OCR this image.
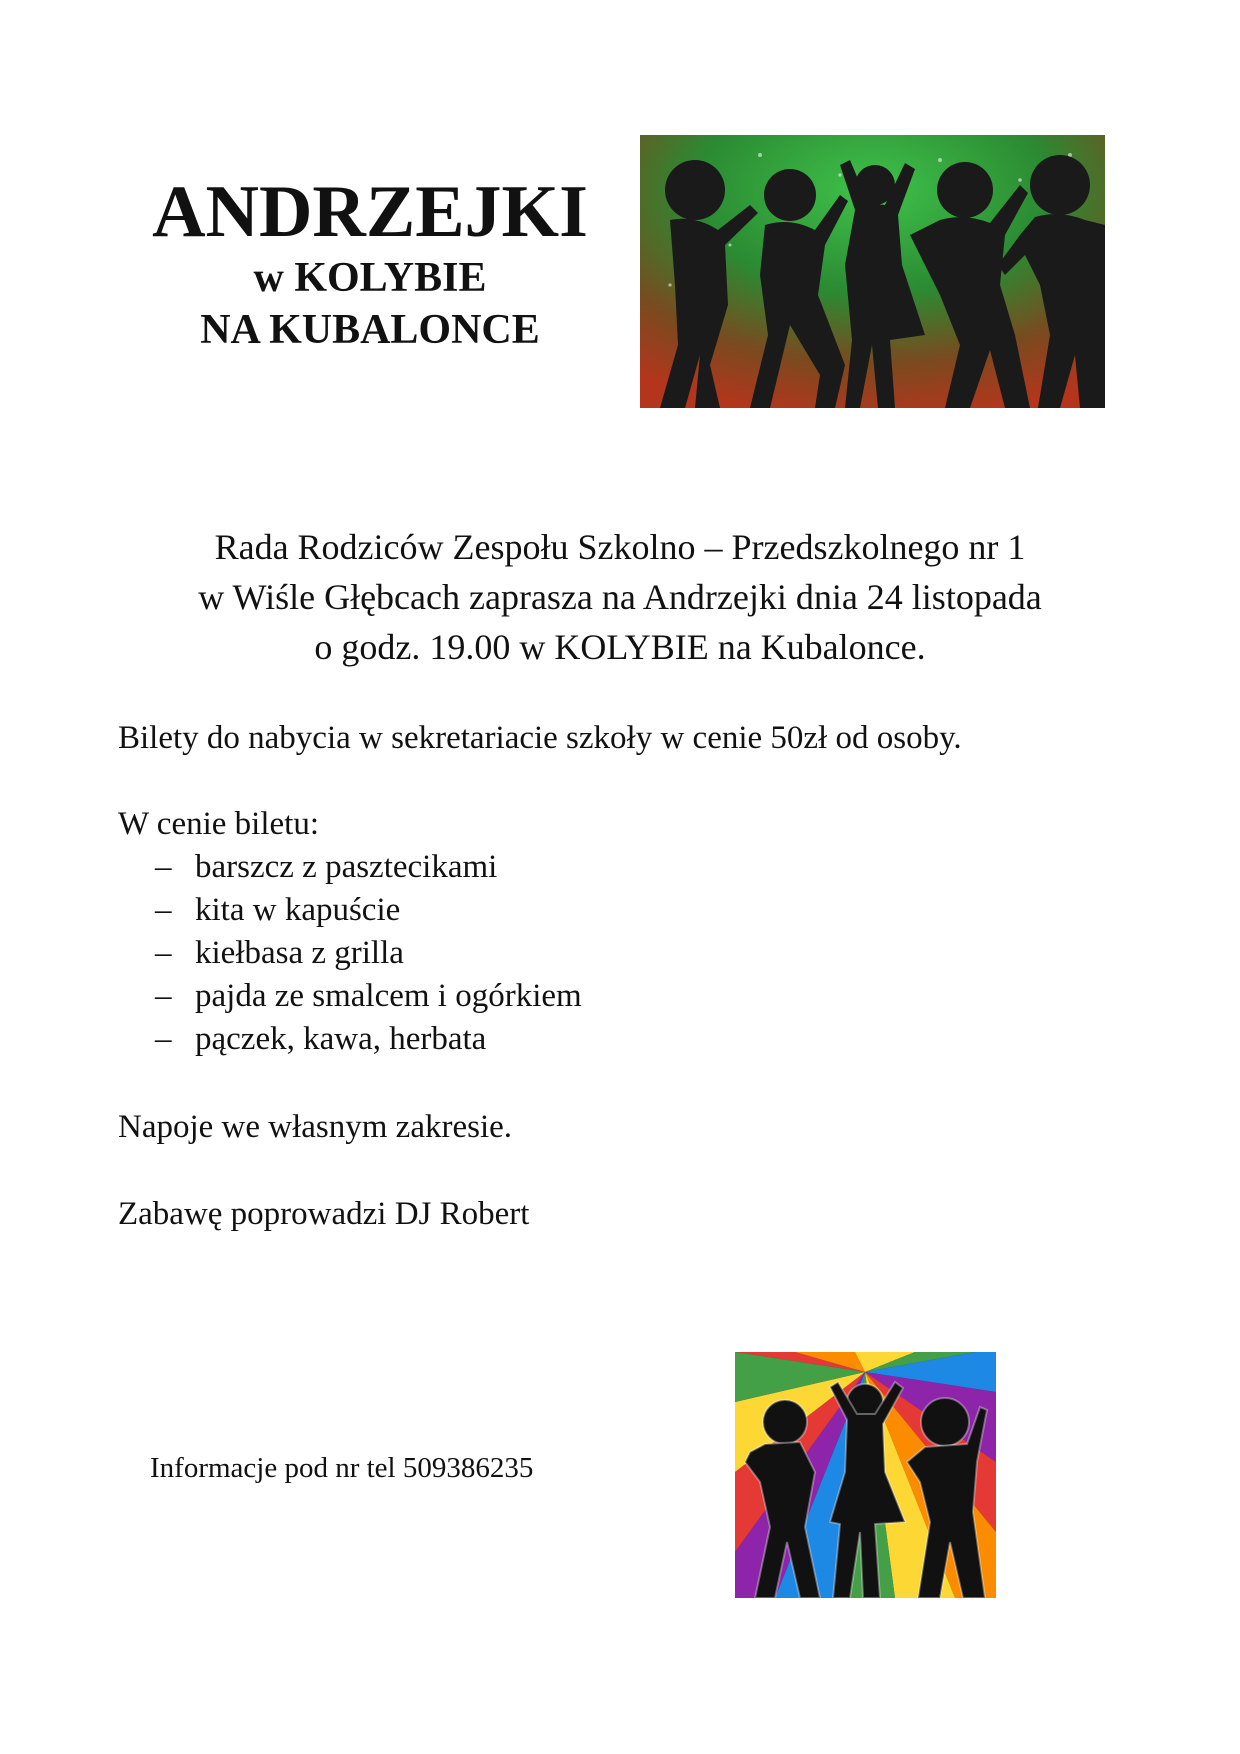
ANDRZEJKI

w KOLYBIE

NA KUBALONCE

Rada Rodziców Zespołu Szkolno – Przedszkolnego nr 1

w Wiśle Głębcach zaprasza na Andrzejki dnia 24 listopada

o godz. 19.00 w KOLYBIE na Kubalonce.

Bilety do nabycia w sekretariacie szkoły w cenie 50zł od osoby.

W cenie biletu:

– barszcz z pasztecikami
– kita w kapuście
– kiełbasa z grilla
– pajda ze smalcem i ogórkiem
– pączek, kawa, herbata

Napoje we własnym zakresie.

Zabawę poprowadzi DJ Robert

Informacje pod nr tel 509386235
